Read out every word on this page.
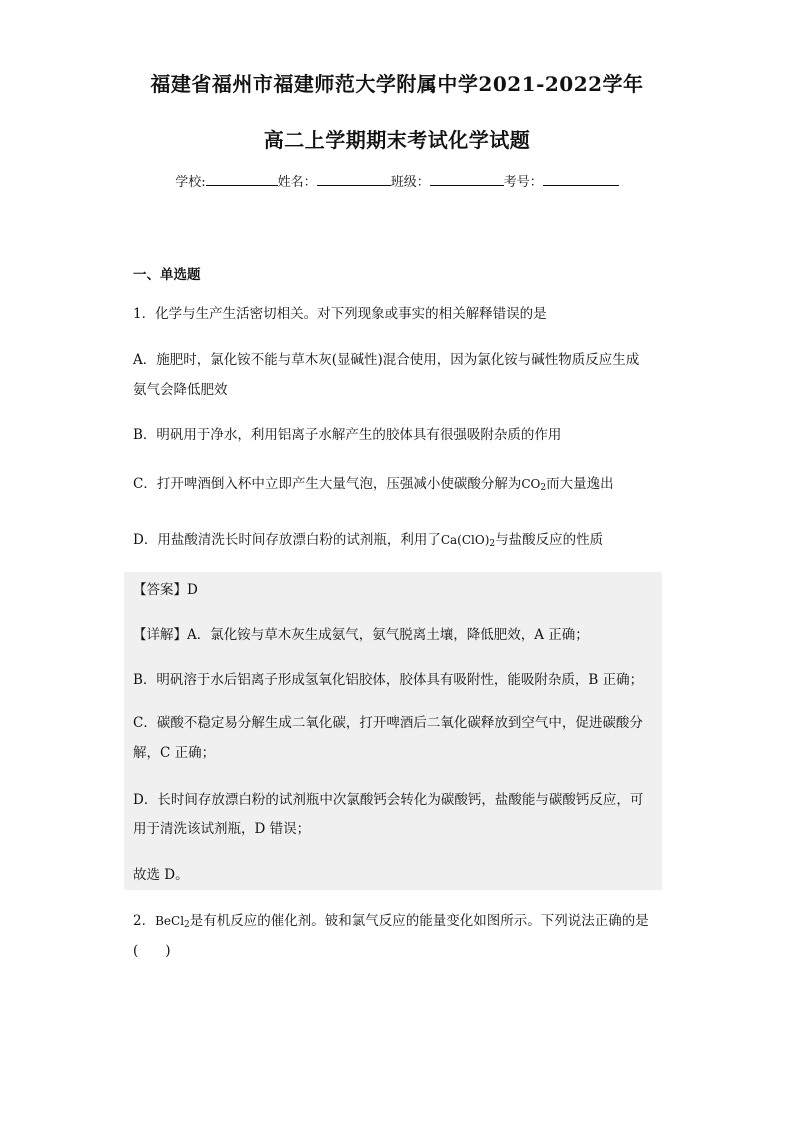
福建省福州市福建师范大学附属中学2021-2022学年
高二上学期期末考试化学试题
学校:	姓名：	班级：	考号：
一、单选题
1．化学与生产生活密切相关。对下列现象或事实的相关解释错误的是
A．施肥时，氯化铵不能与草木灰(显碱性)混合使用，因为氯化铵与碱性物质反应生成
氨气会降低肥效
B．明矾用于净水，利用铝离子水解产生的胶体具有很强吸附杂质的作用
C．打开啤酒倒入杯中立即产生大量气泡，压强减小使碳酸分解为$CO_2$而大量逸出
D．用盐酸清洗长时间存放漂白粉的试剂瓶，利用了$Ca(ClO)_2$与盐酸反应的性质
【答案】D
【详解】A．氯化铵与草木灰生成氨气，氨气脱离土壤，降低肥效，A 正确；
B．明矾溶于水后铝离子形成氢氧化铝胶体，胶体具有吸附性，能吸附杂质，B 正确；
C．碳酸不稳定易分解生成二氧化碳，打开啤酒后二氧化碳释放到空气中，促进碳酸分
解，C 正确；
D．长时间存放漂白粉的试剂瓶中次氯酸钙会转化为碳酸钙，盐酸能与碳酸钙反应，可
用于清洗该试剂瓶，D 错误；
故选 D。
2．BeCl$_2$是有机反应的催化剂。铍和氯气反应的能量变化如图所示。下列说法正确的是
(　　)
